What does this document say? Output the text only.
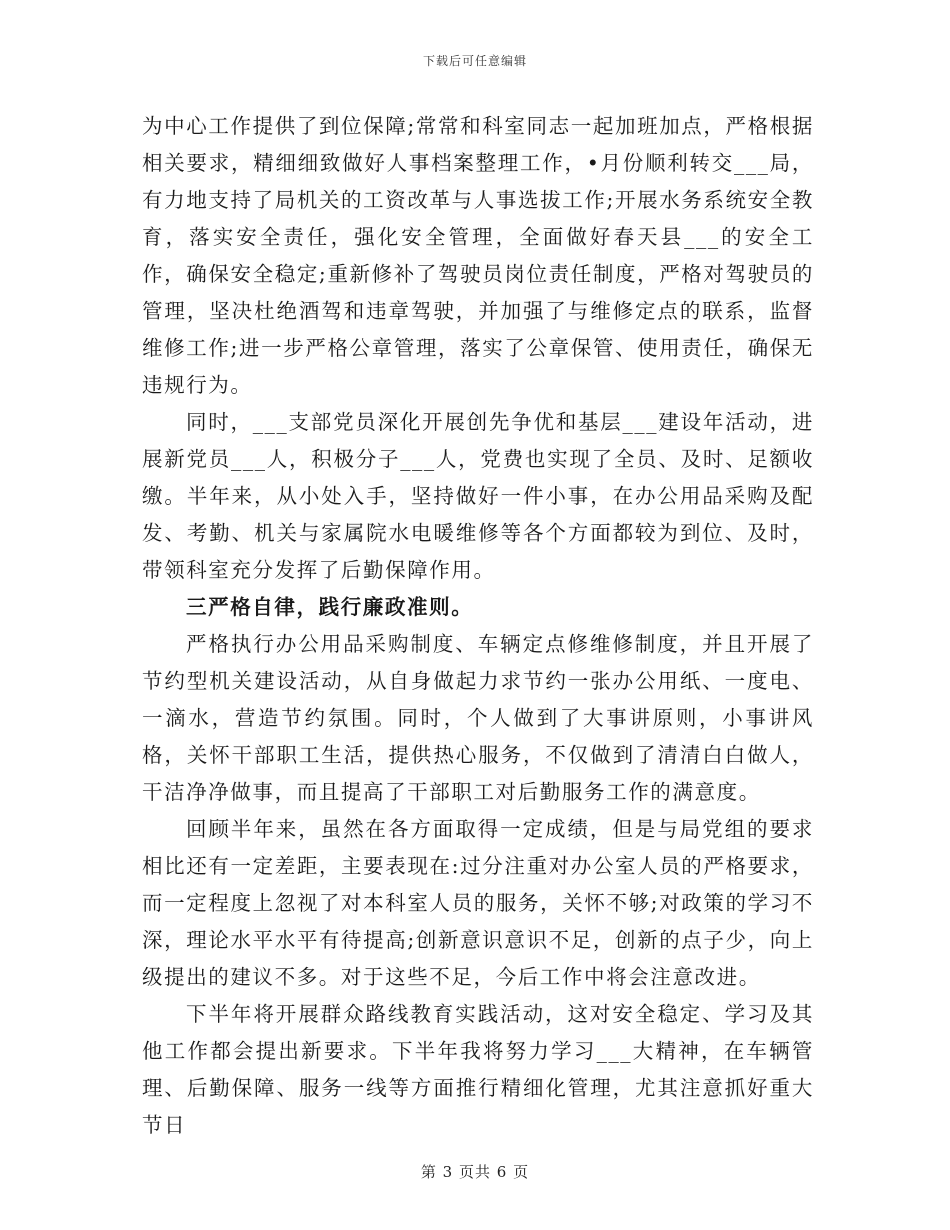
下载后可任意编辑

为中心工作提供了到位保障;常常和科室同志一起加班加点，严格根据相关要求，精细细致做好人事档案整理工作，•月份顺利转交___局，有力地支持了局机关的工资改革与人事选拔工作;开展水务系统安全教育，落实安全责任，强化安全管理，全面做好春天县___的安全工作，确保安全稳定;重新修补了驾驶员岗位责任制度，严格对驾驶员的管理，坚决杜绝酒驾和违章驾驶，并加强了与维修定点的联系，监督维修工作;进一步严格公章管理，落实了公章保管、使用责任，确保无违规行为。

同时，___支部党员深化开展创先争优和基层___建设年活动，进展新党员___人，积极分子___人，党费也实现了全员、及时、足额收缴。半年来，从小处入手，坚持做好一件小事，在办公用品采购及配发、考勤、机关与家属院水电暖维修等各个方面都较为到位、及时，带领科室充分发挥了后勤保障作用。

三严格自律，践行廉政准则。

严格执行办公用品采购制度、车辆定点修维修制度，并且开展了节约型机关建设活动，从自身做起力求节约一张办公用纸、一度电、一滴水，营造节约氛围。同时，个人做到了大事讲原则，小事讲风格，关怀干部职工生活，提供热心服务，不仅做到了清清白白做人，干洁净净做事，而且提高了干部职工对后勤服务工作的满意度。

回顾半年来，虽然在各方面取得一定成绩，但是与局党组的要求相比还有一定差距，主要表现在:过分注重对办公室人员的严格要求，而一定程度上忽视了对本科室人员的服务，关怀不够;对政策的学习不深，理论水平水平有待提高;创新意识意识不足，创新的点子少，向上级提出的建议不多。对于这些不足，今后工作中将会注意改进。

下半年将开展群众路线教育实践活动，这对安全稳定、学习及其他工作都会提出新要求。下半年我将努力学习___大精神，在车辆管理、后勤保障、服务一线等方面推行精细化管理，尤其注意抓好重大节日

第 3 页共 6 页
